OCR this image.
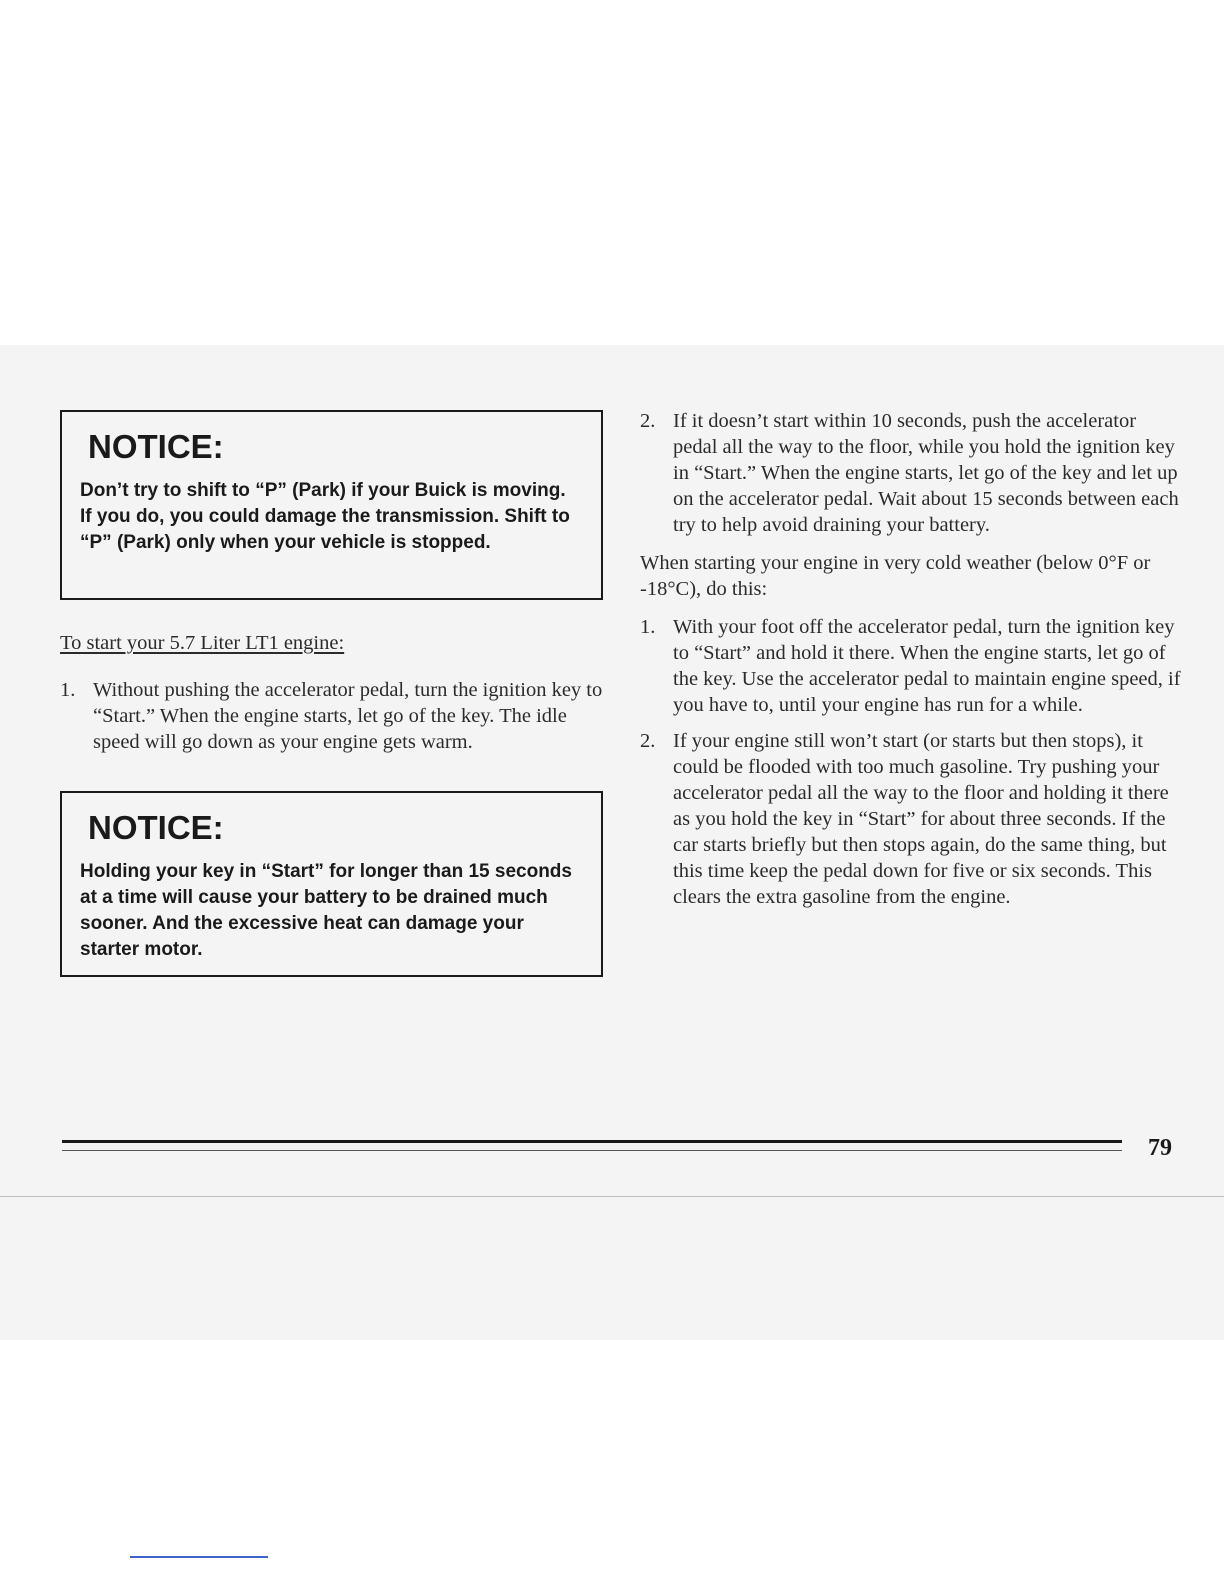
NOTICE:

Don’t try to shift to “P” (Park) if your Buick is moving. If you do, you could damage the transmission. Shift to “P” (Park) only when your vehicle is stopped.

To start your 5.7 Liter LT1 engine:

1. Without pushing the accelerator pedal, turn the ignition key to “Start.” When the engine starts, let go of the key. The idle speed will go down as your engine gets warm.
NOTICE:

Holding your key in “Start” for longer than 15 seconds at a time will cause your battery to be drained much sooner. And the excessive heat can damage your starter motor.

2. If it doesn’t start within 10 seconds, push the accelerator pedal all the way to the floor, while you hold the ignition key in “Start.” When the engine starts, let go of the key and let up on the accelerator pedal. Wait about 15 seconds between each try to help avoid draining your battery.

When starting your engine in very cold weather (below 0°F or -18°C), do this:

1. With your foot off the accelerator pedal, turn the ignition key to “Start” and hold it there. When the engine starts, let go of the key. Use the accelerator pedal to maintain engine speed, if you have to, until your engine has run for a while.
2. If your engine still won’t start (or starts but then stops), it could be flooded with too much gasoline. Try pushing your accelerator pedal all the way to the floor and holding it there as you hold the key in “Start” for about three seconds. If the car starts briefly but then stops again, do the same thing, but this time keep the pedal down for five or six seconds. This clears the extra gasoline from the engine.
79
